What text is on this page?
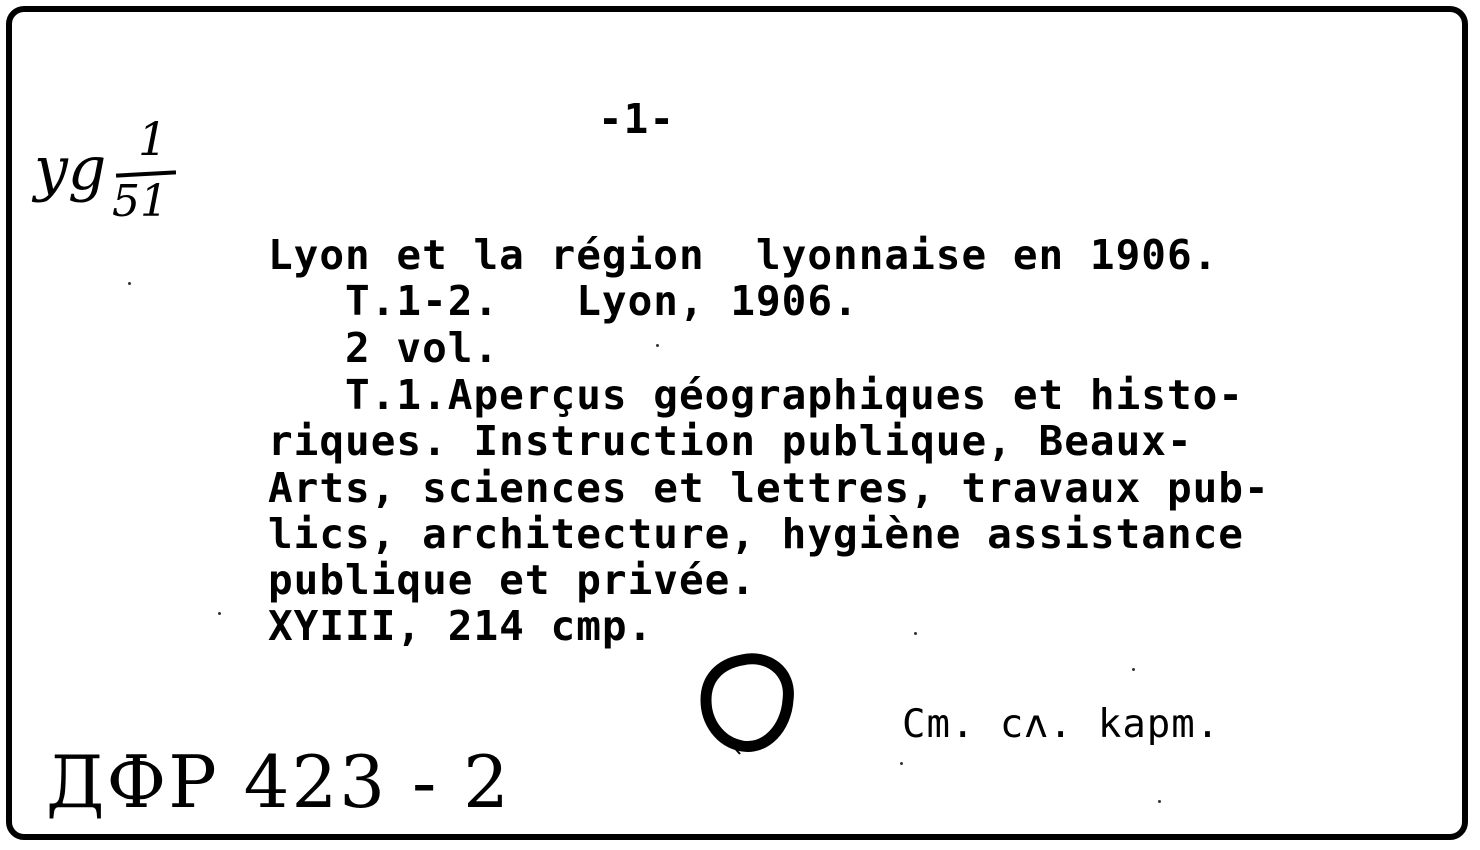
-1-
yg 1
51
Lyon et la région  lyonnaise en 1906.
T.1-2.   Lyon, 1906.
2 vol.
T.1.Aperçus géographiques et histo-
riques. Instruction publique, Beaux-
Arts, sciences et lettres, travaux pub-
lics, architecture, hygiène assistance
publique et privée.
XYIII, 214 cmp.
Cm. cʌ. kapm.
ДФР 423 - 2
